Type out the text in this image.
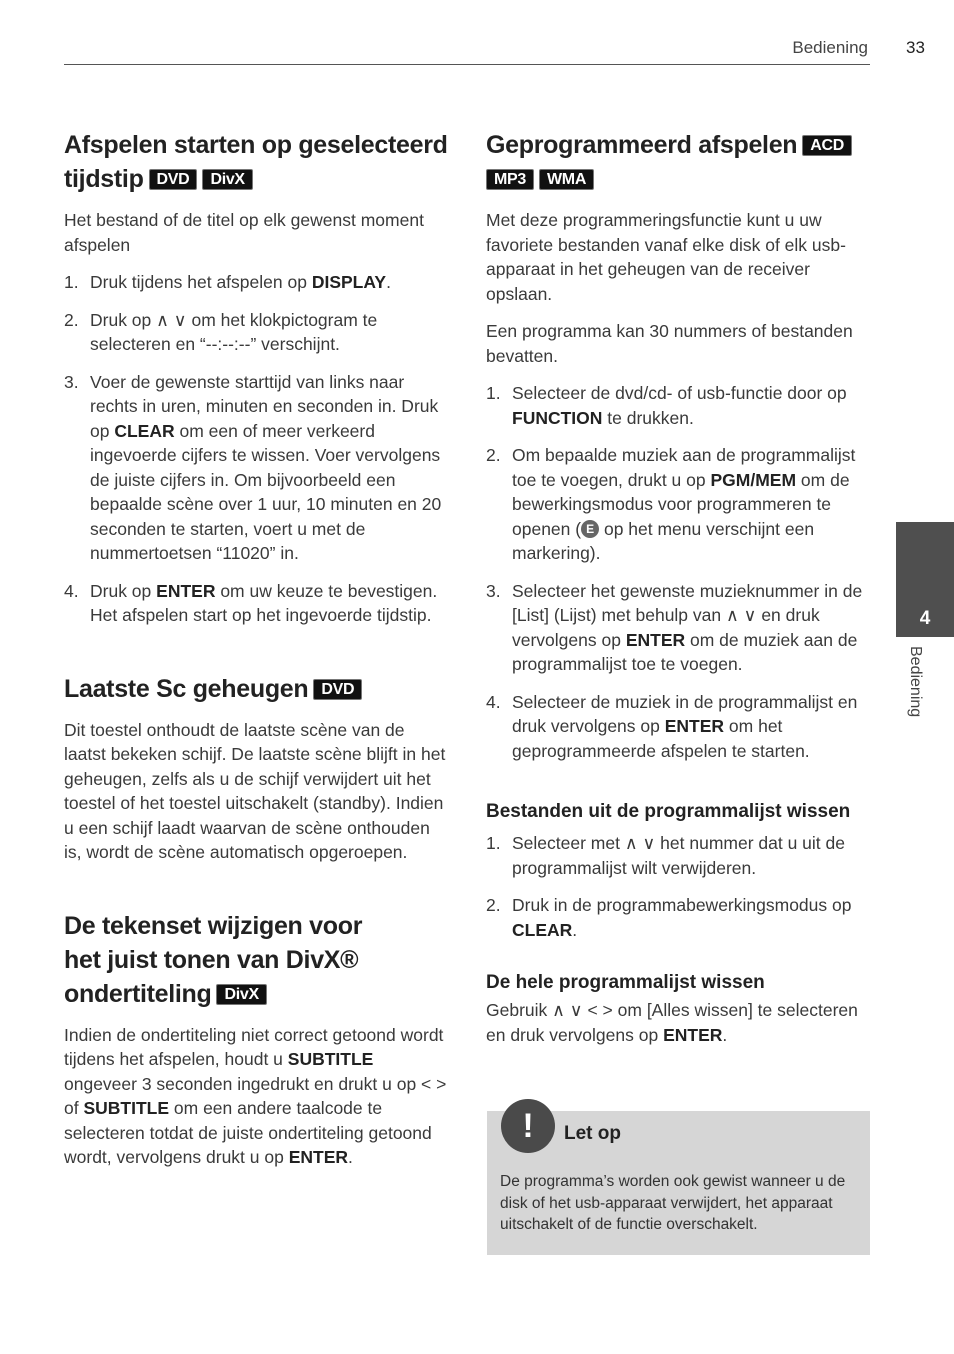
Bediening 33
Afspelen starten op geselecteerd tijdstip DVD DivX

Het bestand of de titel op elk gewenst moment afspelen

1. Druk tijdens het afspelen op DISPLAY.
2. Druk op ∧ ∨ om het klokpictogram te selecteren en “--:--:--” verschijnt.
3. Voer de gewenste starttijd van links naar rechts in uren, minuten en seconden in. Druk op CLEAR om een of meer verkeerd ingevoerde cijfers te wissen. Voer vervolgens de juiste cijfers in. Om bijvoorbeeld een bepaalde scène over 1 uur, 10 minuten en 20 seconden te starten, voert u met de nummertoetsen “11020” in.
4. Druk op ENTER om uw keuze te bevestigen. Het afspelen start op het ingevoerde tijdstip.
Laatste Sc geheugen DVD

Dit toestel onthoudt de laatste scène van de laatst bekeken schijf. De laatste scène blijft in het geheugen, zelfs als u de schijf verwijdert uit het toestel of het toestel uitschakelt (standby). Indien u een schijf laadt waarvan de scène onthouden is, wordt de scène automatisch opgeroepen.

De tekenset wijzigen voor
het juist tonen van DivX®
ondertiteling DivX

Indien de ondertiteling niet correct getoond wordt tijdens het afspelen, houdt u SUBTITLE ongeveer 3 seconden ingedrukt en drukt u op < > of SUBTITLE om een andere taalcode te selecteren totdat de juiste ondertiteling getoond wordt, vervolgens drukt u op ENTER.

Geprogrammeerd afspelen ACD
MP3 WMA

Met deze programmeringsfunctie kunt u uw favoriete bestanden vanaf elke disk of elk usb-apparaat in het geheugen van de receiver opslaan.

Een programma kan 30 nummers of bestanden bevatten.

1. Selecteer de dvd/cd- of usb-functie door op FUNCTION te drukken.
2. Om bepaalde muziek aan de programmalijst toe te voegen, drukt u op PGM/MEM om de bewerkingsmodus voor programmeren te openen ( E op het menu verschijnt een markering).
3. Selecteer het gewenste muzieknummer in de [List] (Lijst) met behulp van ∧ ∨ en druk vervolgens op ENTER om de muziek aan de programmalijst toe te voegen.
4. Selecteer de muziek in de programmalijst en druk vervolgens op ENTER om het geprogrammeerde afspelen te starten.
Bestanden uit de programmalijst wissen
1. Selecteer met ∧ ∨ het nummer dat u uit de programmalijst wilt verwijderen.
2. Druk in de programmabewerkingsmodus op CLEAR.
De hele programmalijst wissen

Gebruik ∧ ∨ < > om [Alles wissen] te selecteren en druk vervolgens op ENTER.

!	Let op

De programma’s worden ook gewist wanneer u de disk of het usb-apparaat verwijdert, het apparaat uitschakelt of de functie overschakelt.

4
Bediening
